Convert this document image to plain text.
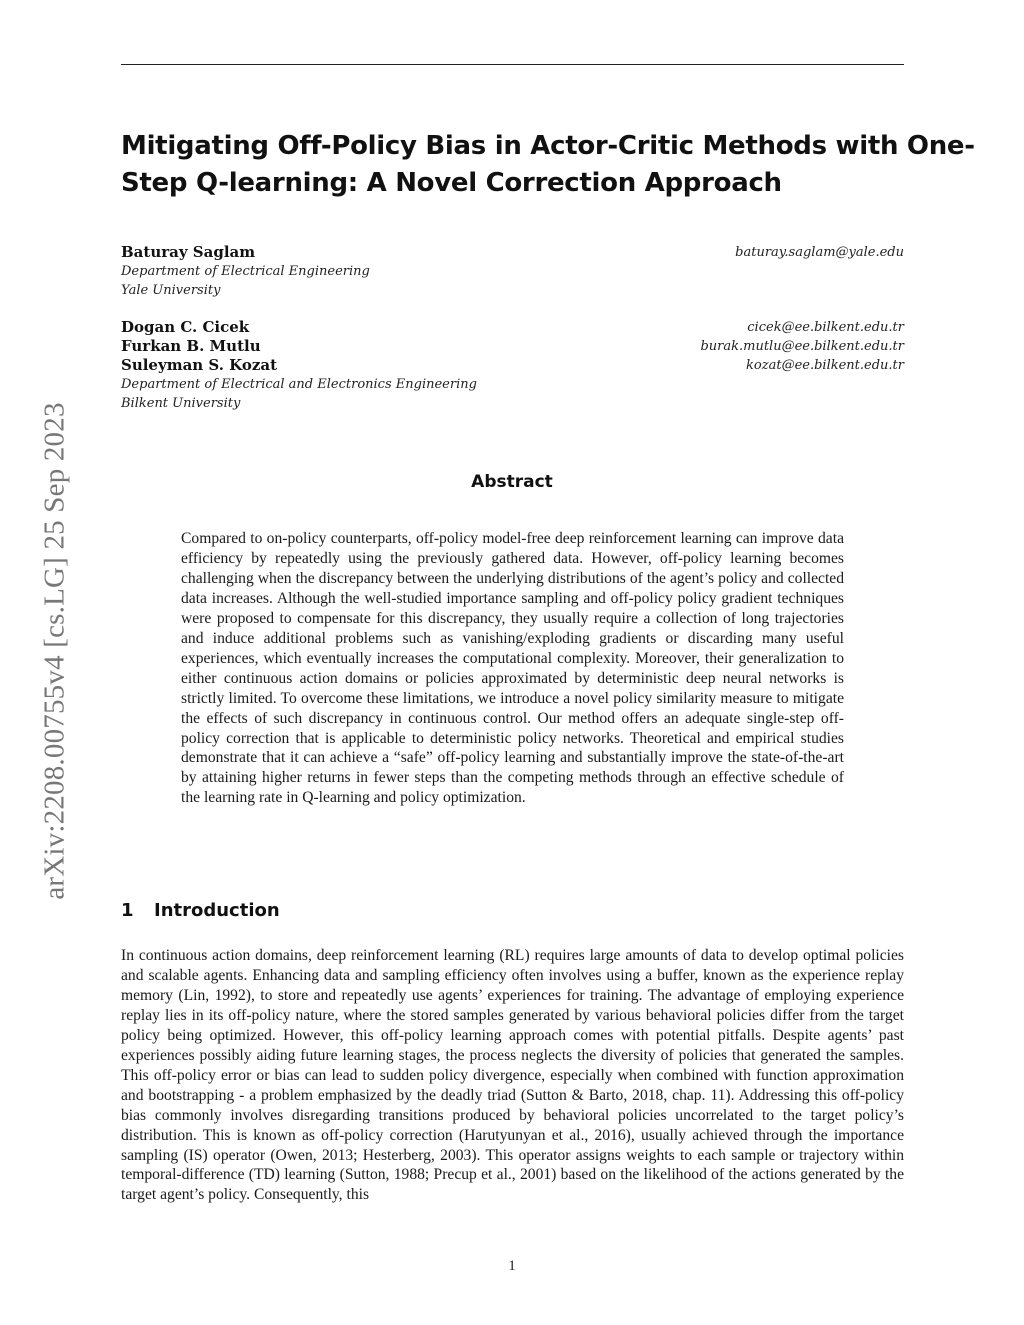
arXiv:2208.00755v4 [cs.LG] 25 Sep 2023
Mitigating Off-Policy Bias in Actor-Critic Methods with One-
Step Q-learning: A Novel Correction Approach
Baturay Saglam	baturay.saglam@yale.edu
Department of Electrical Engineering
Yale University
Dogan C. Cicek	cicek@ee.bilkent.edu.tr
Furkan B. Mutlu	burak.mutlu@ee.bilkent.edu.tr
Suleyman S. Kozat	kozat@ee.bilkent.edu.tr
Department of Electrical and Electronics Engineering
Bilkent University
Abstract

Compared to on-policy counterparts, off-policy model-free deep reinforcement learning can improve data efficiency by repeatedly using the previously gathered data. However, off-policy learning becomes challenging when the discrepancy between the underlying distributions of the agent’s policy and collected data increases. Although the well-studied importance sampling and off-policy policy gradient techniques were proposed to compensate for this discrepancy, they usually require a collection of long trajectories and induce additional problems such as vanishing/exploding gradients or discarding many useful experiences, which eventually increases the computational complexity. Moreover, their generalization to either continuous action domains or policies approximated by deterministic deep neural networks is strictly limited. To overcome these limitations, we introduce a novel policy similarity measure to mitigate the effects of such discrepancy in continuous control. Our method offers an adequate single-step off-policy correction that is applicable to deterministic policy networks. Theoretical and empirical studies demonstrate that it can achieve a “safe” off-policy learning and substantially improve the state-of-the-art by attaining higher returns in fewer steps than the competing methods through an effective schedule of the learning rate in Q-learning and policy optimization.

1 Introduction

In continuous action domains, deep reinforcement learning (RL) requires large amounts of data to develop optimal policies and scalable agents. Enhancing data and sampling efficiency often involves using a buffer, known as the experience replay memory (Lin, 1992), to store and repeatedly use agents’ experiences for training. The advantage of employing experience replay lies in its off-policy nature, where the stored samples generated by various behavioral policies differ from the target policy being optimized. However, this off-policy learning approach comes with potential pitfalls. Despite agents’ past experiences possibly aiding future learning stages, the process neglects the diversity of policies that generated the samples. This off-policy error or bias can lead to sudden policy divergence, especially when combined with function approximation and bootstrapping - a problem emphasized by the deadly triad (Sutton & Barto, 2018, chap. 11). Addressing this off-policy bias commonly involves disregarding transitions produced by behavioral policies uncorrelated to the target policy’s distribution. This is known as off-policy correction (Harutyunyan et al., 2016), usually achieved through the importance sampling (IS) operator (Owen, 2013; Hesterberg, 2003). This operator assigns weights to each sample or trajectory within temporal-difference (TD) learning (Sutton, 1988; Precup et al., 2001) based on the likelihood of the actions generated by the target agent’s policy. Consequently, this

1
